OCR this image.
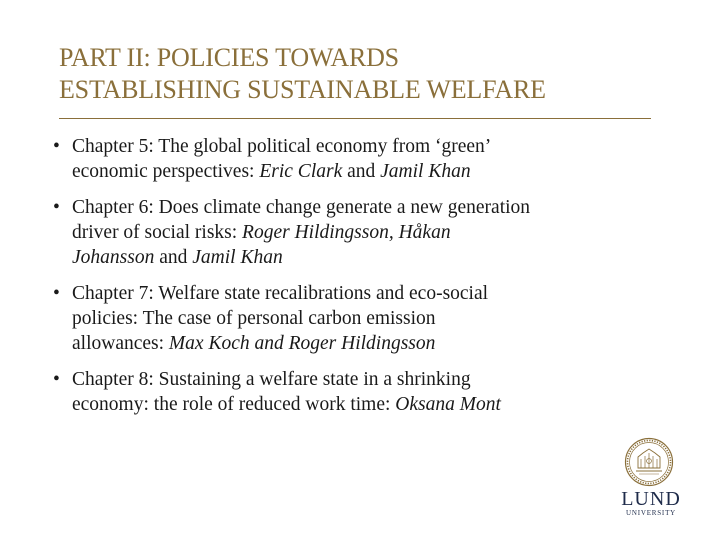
PART II: POLICIES TOWARDS
ESTABLISHING SUSTAINABLE WELFARE
• Chapter 5: The global political economy from ‘green’
economic perspectives: Eric Clark and Jamil Khan
• Chapter 6: Does climate change generate a new generation
driver of social risks: Roger Hildingsson, Håkan
Johansson and Jamil Khan
• Chapter 7: Welfare state recalibrations and eco-social
policies: The case of personal carbon emission
allowances: Max Koch and Roger Hildingsson
• Chapter 8: Sustaining a welfare state in a shrinking
economy: the role of reduced work time: Oksana Mont
LUND
UNIVERSITY
